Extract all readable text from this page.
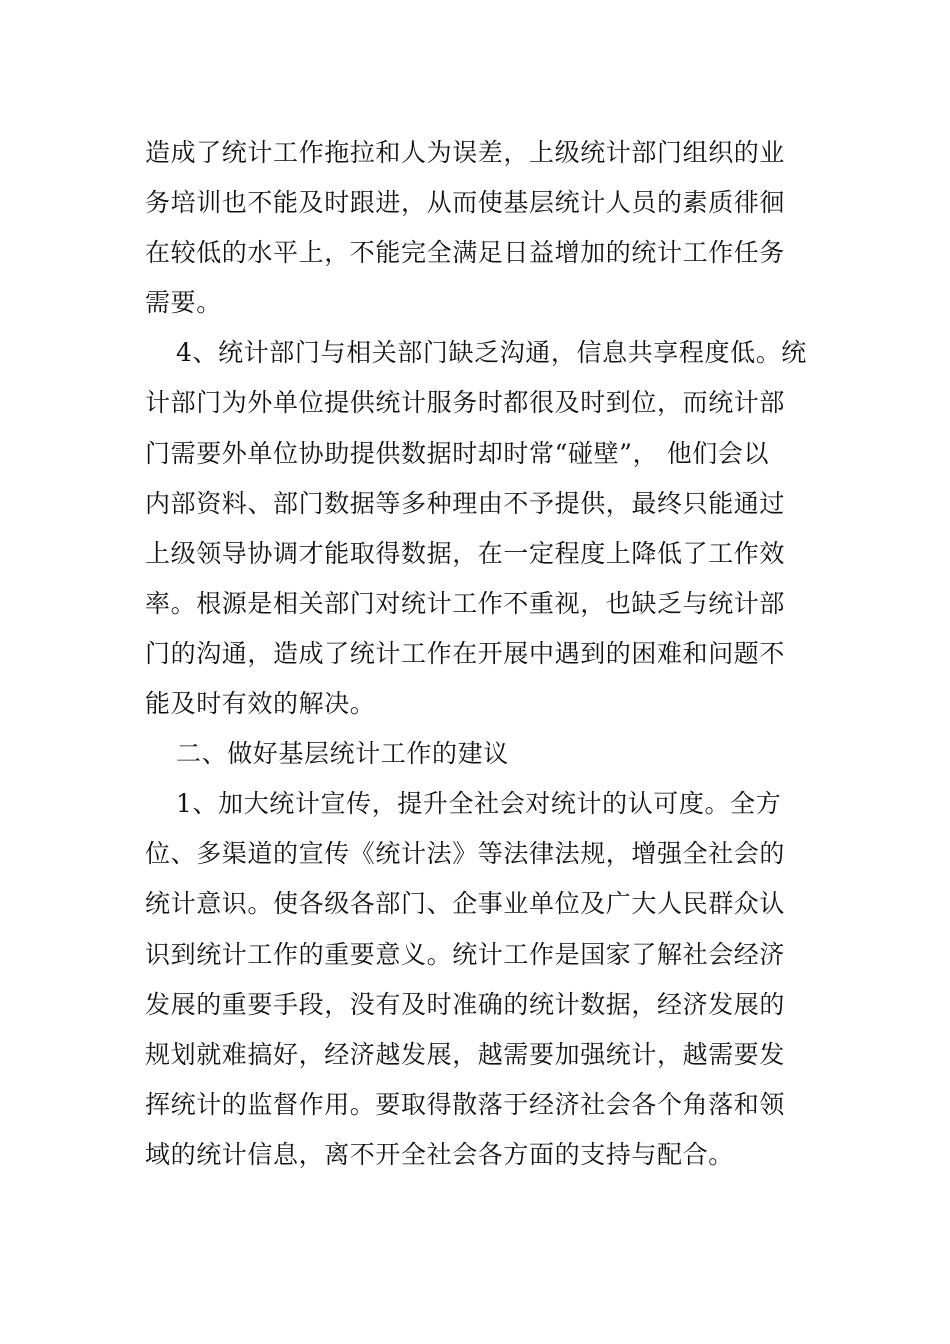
造成了统计工作拖拉和人为误差，上级统计部门组织的业
务培训也不能及时跟进，从而使基层统计人员的素质徘徊
在较低的水平上，不能完全满足日益增加的统计工作任务
需要。
4、统计部门与相关部门缺乏沟通，信息共享程度低。统
计部门为外单位提供统计服务时都很及时到位，而统计部
门需要外单位协助提供数据时却时常“碰壁”， 他们会以
内部资料、部门数据等多种理由不予提供，最终只能通过
上级领导协调才能取得数据，在一定程度上降低了工作效
率。根源是相关部门对统计工作不重视，也缺乏与统计部
门的沟通，造成了统计工作在开展中遇到的困难和问题不
能及时有效的解决。
二、做好基层统计工作的建议
1、加大统计宣传，提升全社会对统计的认可度。全方
位、多渠道的宣传《统计法》等法律法规，增强全社会的
统计意识。使各级各部门、企事业单位及广大人民群众认
识到统计工作的重要意义。统计工作是国家了解社会经济
发展的重要手段，没有及时准确的统计数据，经济发展的
规划就难搞好，经济越发展，越需要加强统计，越需要发
挥统计的监督作用。要取得散落于经济社会各个角落和领
域的统计信息，离不开全社会各方面的支持与配合。
